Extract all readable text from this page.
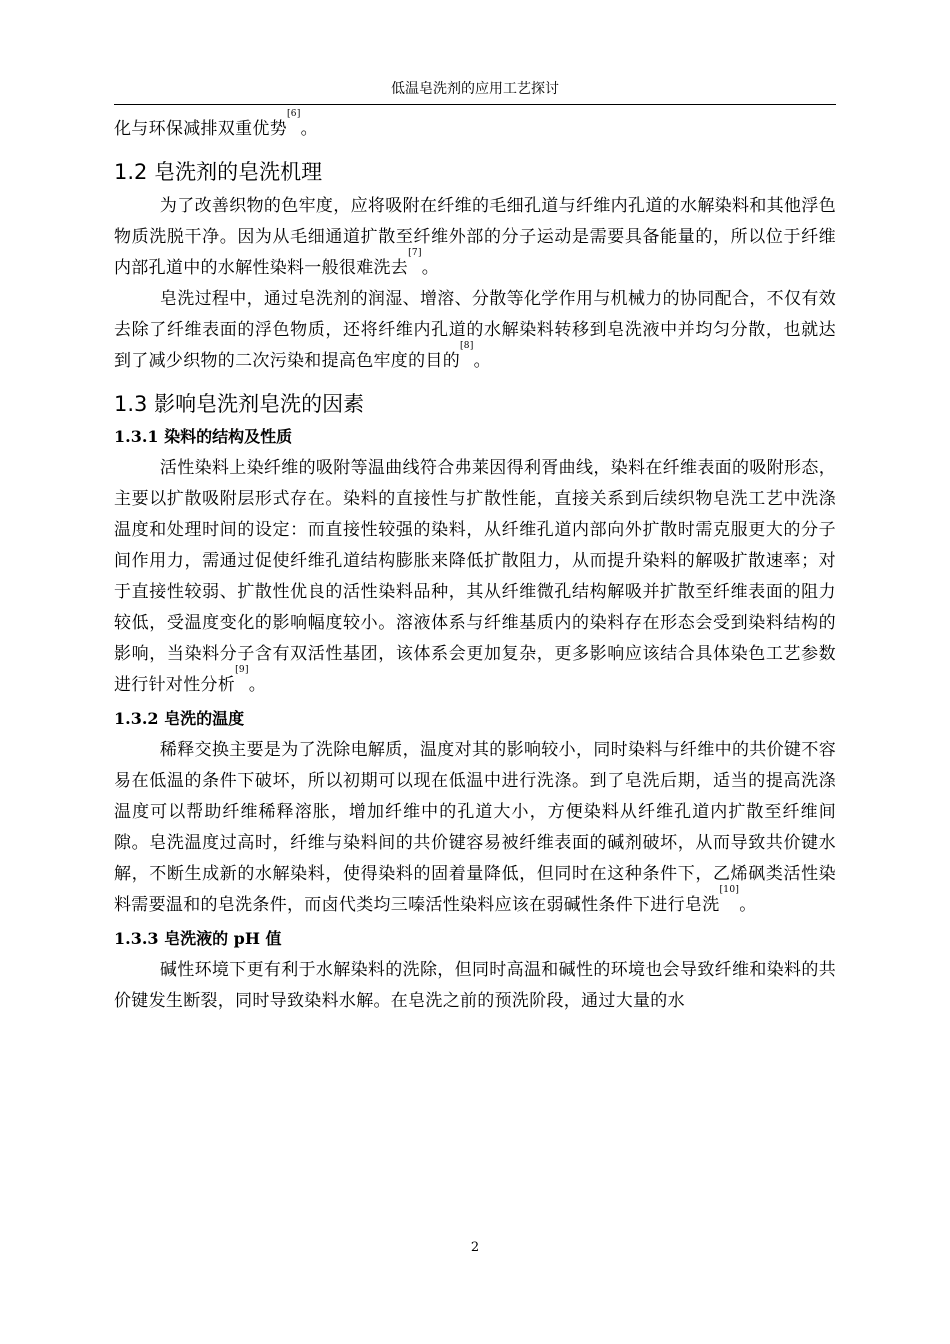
低温皂洗剂的应用工艺探讨

化与环保减排双重优势[6]。

1.2 皂洗剂的皂洗机理

为了改善织物的色牢度，应将吸附在纤维的毛细孔道与纤维内孔道的水解染料和其他浮色物质洗脱干净。因为从毛细通道扩散至纤维外部的分子运动是需要具备能量的，所以位于纤维内部孔道中的水解性染料一般很难洗去[7]。

皂洗过程中，通过皂洗剂的润湿、增溶、分散等化学作用与机械力的协同配合，不仅有效去除了纤维表面的浮色物质，还将纤维内孔道的水解染料转移到皂洗液中并均匀分散，也就达到了减少织物的二次污染和提高色牢度的目的[8]。

1.3 影响皂洗剂皂洗的因素
1.3.1 染料的结构及性质

活性染料上染纤维的吸附等温曲线符合弗莱因得利胥曲线，染料在纤维表面的吸附形态，主要以扩散吸附层形式存在。染料的直接性与扩散性能，直接关系到后续织物皂洗工艺中洗涤温度和处理时间的设定：而直接性较强的染料，从纤维孔道内部向外扩散时需克服更大的分子间作用力，需通过促使纤维孔道结构膨胀来降低扩散阻力，从而提升染料的解吸扩散速率；对于直接性较弱、扩散性优良的活性染料品种，其从纤维微孔结构解吸并扩散至纤维表面的阻力较低，受温度变化的影响幅度较小。溶液体系与纤维基质内的染料存在形态会受到染料结构的影响，当染料分子含有双活性基团，该体系会更加复杂，更多影响应该结合具体染色工艺参数进行针对性分析[9]。

1.3.2 皂洗的温度

稀释交换主要是为了洗除电解质，温度对其的影响较小，同时染料与纤维中的共价键不容易在低温的条件下破坏，所以初期可以现在低温中进行洗涤。到了皂洗后期，适当的提高洗涤温度可以帮助纤维稀释溶胀，增加纤维中的孔道大小，方便染料从纤维孔道内扩散至纤维间隙。皂洗温度过高时，纤维与染料间的共价键容易被纤维表面的碱剂破坏，从而导致共价键水解，不断生成新的水解染料，使得染料的固着量降低，但同时在这种条件下，乙烯砜类活性染料需要温和的皂洗条件，而卤代类均三嗪活性染料应该在弱碱性条件下进行皂洗[10]。

1.3.3 皂洗液的 pH 值

碱性环境下更有利于水解染料的洗除，但同时高温和碱性的环境也会导致纤维和染料的共价键发生断裂，同时导致染料水解。在皂洗之前的预洗阶段，通过大量的水

2
